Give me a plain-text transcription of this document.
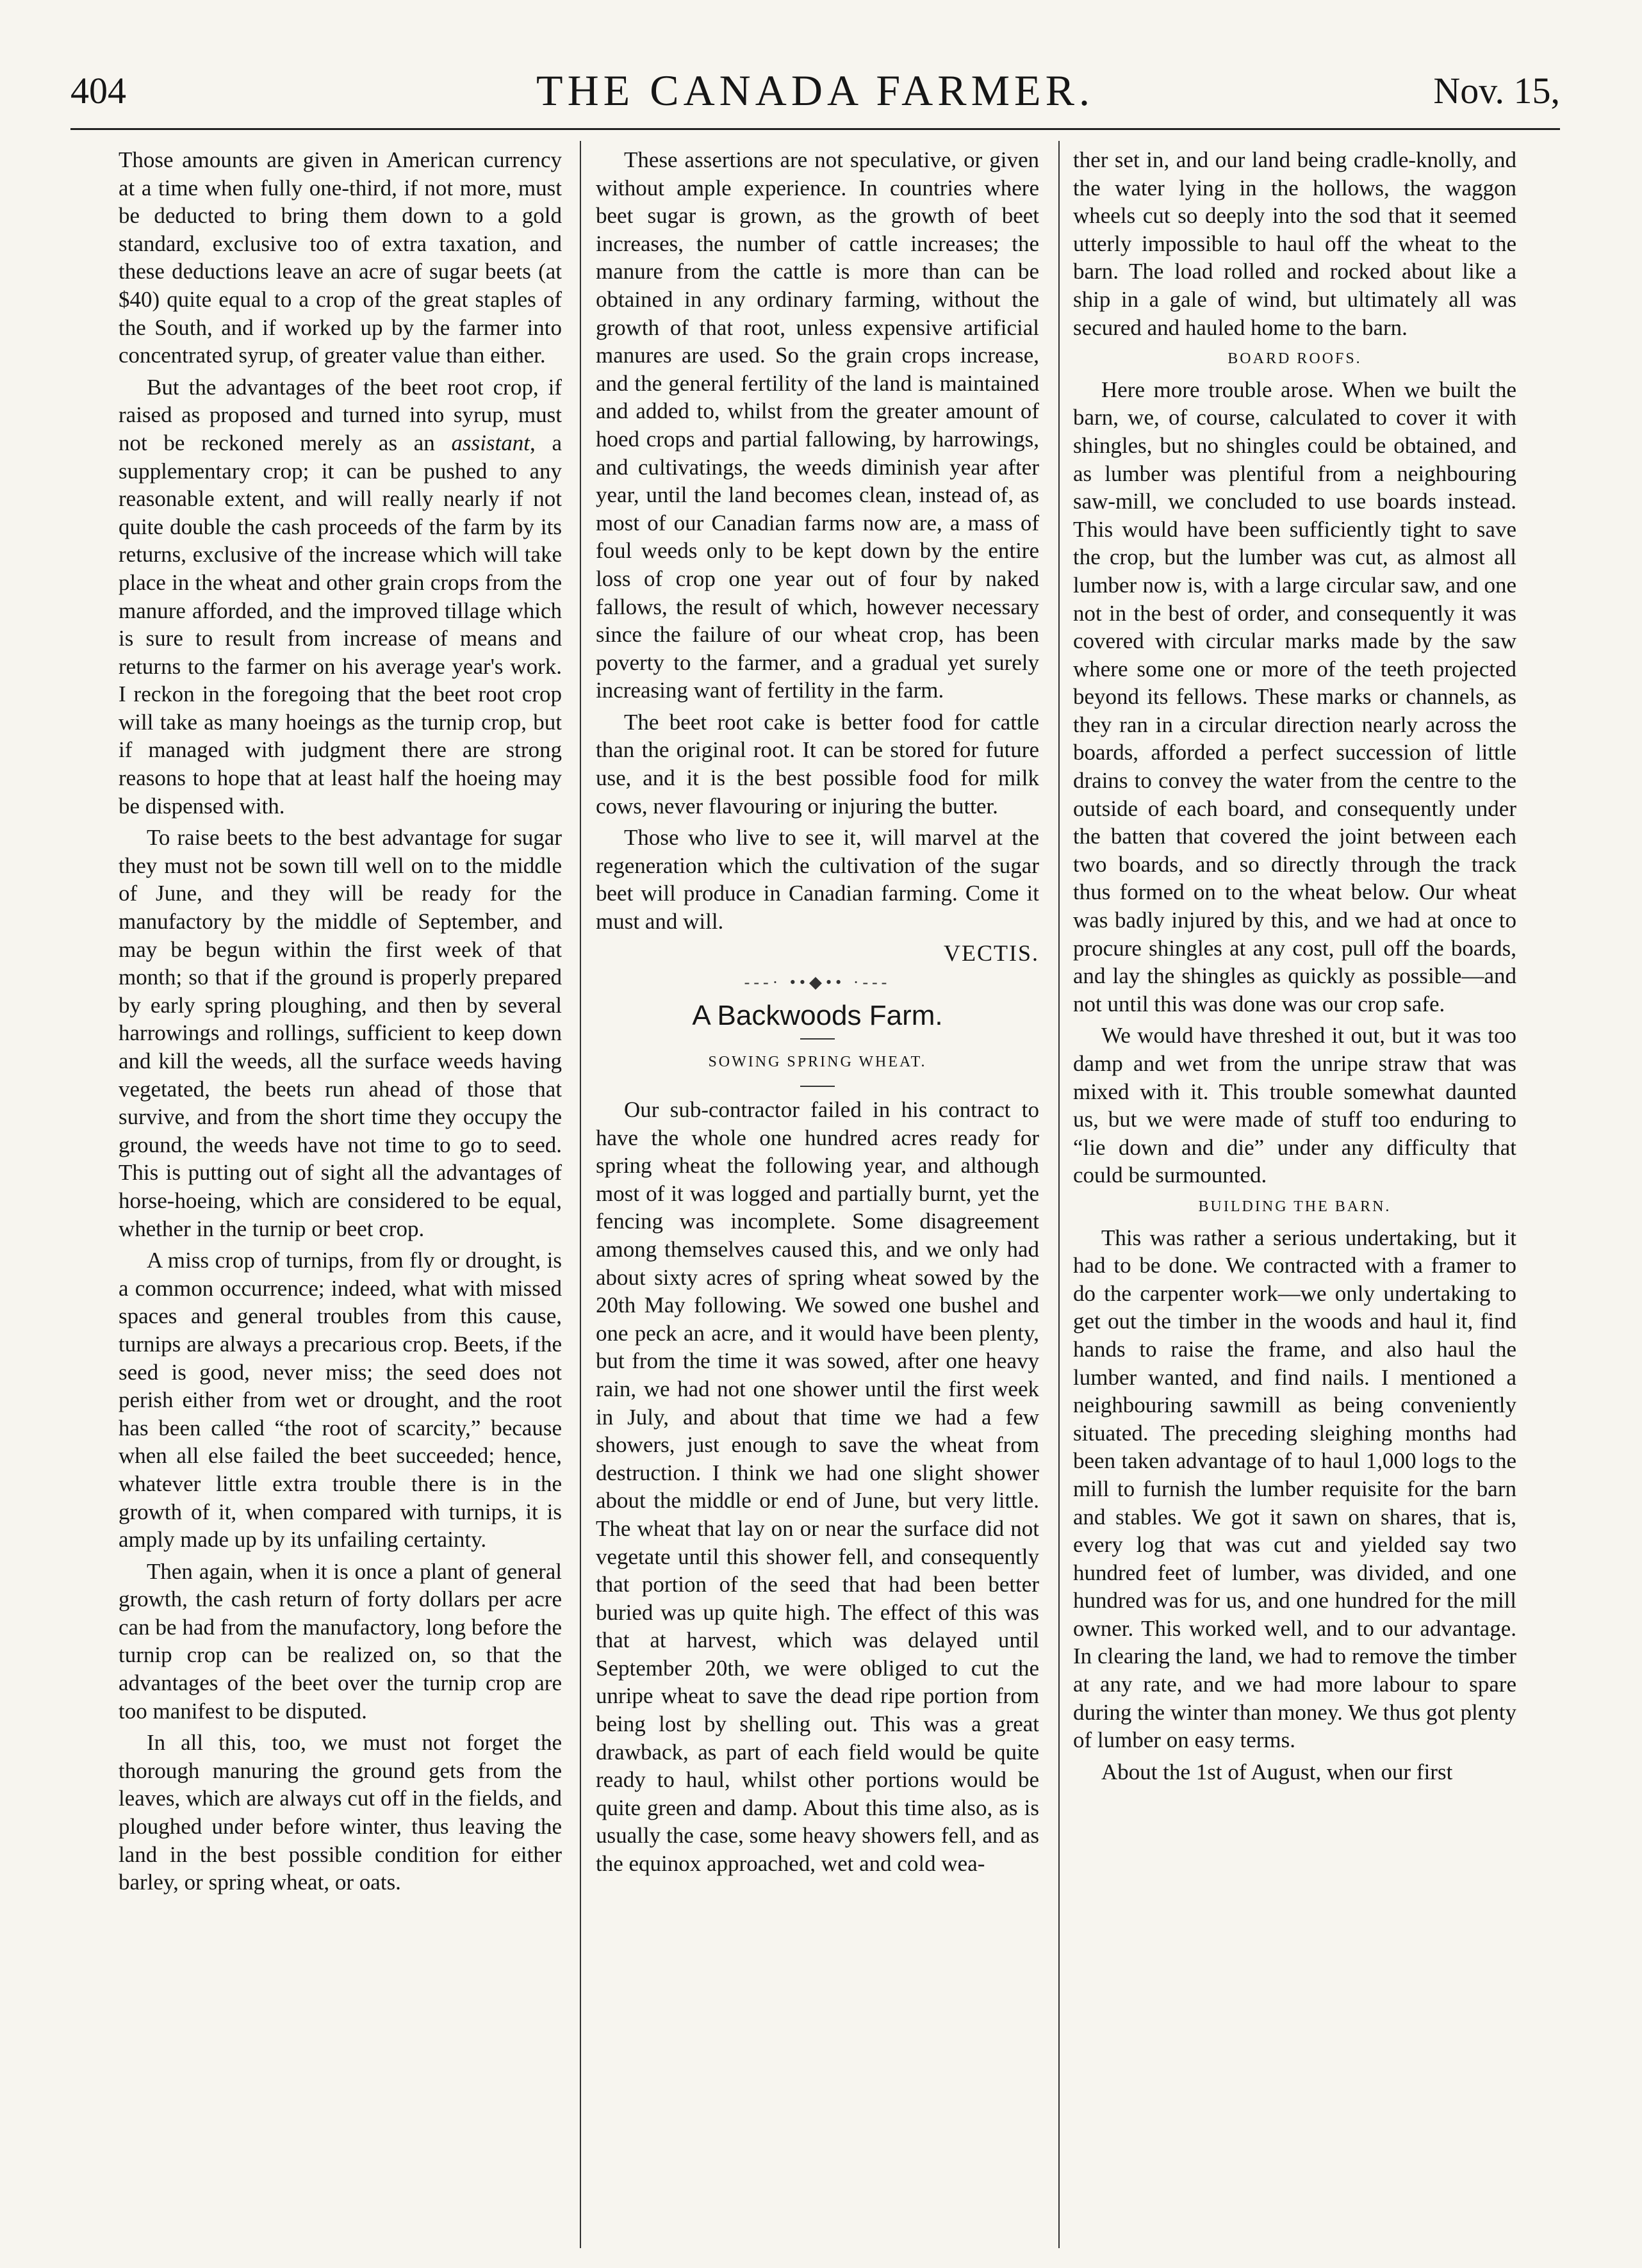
404	THE CANADA FARMER.	Nov. 15,

Those amounts are given in American currency at a time when fully one-third, if not more, must be deducted to bring them down to a gold standard, exclusive too of extra taxation, and these deductions leave an acre of sugar beets (at $40) quite equal to a crop of the great staples of the South, and if worked up by the farmer into concentrated syrup, of greater value than either.

But the advantages of the beet root crop, if raised as proposed and turned into syrup, must not be reckoned merely as an assistant, a supplementary crop; it can be pushed to any reasonable extent, and will really nearly if not quite double the cash proceeds of the farm by its returns, exclusive of the increase which will take place in the wheat and other grain crops from the manure afforded, and the improved tillage which is sure to result from increase of means and returns to the farmer on his average year's work. I reckon in the foregoing that the beet root crop will take as many hoeings as the turnip crop, but if managed with judgment there are strong reasons to hope that at least half the hoeing may be dispensed with.

To raise beets to the best advantage for sugar they must not be sown till well on to the middle of June, and they will be ready for the manufactory by the middle of September, and may be begun within the first week of that month; so that if the ground is properly prepared by early spring ploughing, and then by several harrowings and rollings, sufficient to keep down and kill the weeds, all the surface weeds having vegetated, the beets run ahead of those that survive, and from the short time they occupy the ground, the weeds have not time to go to seed. This is putting out of sight all the advantages of horse-hoeing, which are considered to be equal, whether in the turnip or beet crop.

A miss crop of turnips, from fly or drought, is a common occurrence; indeed, what with missed spaces and general troubles from this cause, turnips are always a precarious crop. Beets, if the seed is good, never miss; the seed does not perish either from wet or drought, and the root has been called “the root of scarcity,” because when all else failed the beet succeeded; hence, whatever little extra trouble there is in the growth of it, when compared with turnips, it is amply made up by its unfailing certainty.

Then again, when it is once a plant of general growth, the cash return of forty dollars per acre can be had from the manufactory, long before the turnip crop can be realized on, so that the advantages of the beet over the turnip crop are too manifest to be disputed.

In all this, too, we must not forget the thorough manuring the ground gets from the leaves, which are always cut off in the fields, and ploughed under before winter, thus leaving the land in the best possible condition for either barley, or spring wheat, or oats.

These assertions are not speculative, or given without ample experience. In countries where beet sugar is grown, as the growth of beet increases, the number of cattle increases; the manure from the cattle is more than can be obtained in any ordinary farming, without the growth of that root, unless expensive artificial manures are used. So the grain crops increase, and the general fertility of the land is maintained and added to, whilst from the greater amount of hoed crops and partial fallowing, by harrowings, and cultivatings, the weeds diminish year after year, until the land becomes clean, instead of, as most of our Canadian farms now are, a mass of foul weeds only to be kept down by the entire loss of crop one year out of four by naked fallows, the result of which, however necessary since the failure of our wheat crop, has been poverty to the farmer, and a gradual yet surely increasing want of fertility in the farm.

The beet root cake is better food for cattle than the original root. It can be stored for future use, and it is the best possible food for milk cows, never flavouring or injuring the butter.

Those who live to see it, will marvel at the regeneration which the cultivation of the sugar beet will produce in Canadian farming. Come it must and will.

VECTIS.
---· ••◆•• ·---
A Backwoods Farm.
SOWING SPRING WHEAT.

Our sub-contractor failed in his contract to have the whole one hundred acres ready for spring wheat the following year, and although most of it was logged and partially burnt, yet the fencing was incomplete. Some disagreement among themselves caused this, and we only had about sixty acres of spring wheat sowed by the 20th May following. We sowed one bushel and one peck an acre, and it would have been plenty, but from the time it was sowed, after one heavy rain, we had not one shower until the first week in July, and about that time we had a few showers, just enough to save the wheat from destruction. I think we had one slight shower about the middle or end of June, but very little. The wheat that lay on or near the surface did not vegetate until this shower fell, and consequently that portion of the seed that had been better buried was up quite high. The effect of this was that at harvest, which was delayed until September 20th, we were obliged to cut the unripe wheat to save the dead ripe portion from being lost by shelling out. This was a great drawback, as part of each field would be quite ready to haul, whilst other portions would be quite green and damp. About this time also, as is usually the case, some heavy showers fell, and as the equinox approached, wet and cold wea-

ther set in, and our land being cradle-knolly, and the water lying in the hollows, the waggon wheels cut so deeply into the sod that it seemed utterly impossible to haul off the wheat to the barn. The load rolled and rocked about like a ship in a gale of wind, but ultimately all was secured and hauled home to the barn.

BOARD ROOFS.

Here more trouble arose. When we built the barn, we, of course, calculated to cover it with shingles, but no shingles could be obtained, and as lumber was plentiful from a neighbouring saw-mill, we concluded to use boards instead. This would have been sufficiently tight to save the crop, but the lumber was cut, as almost all lumber now is, with a large circular saw, and one not in the best of order, and consequently it was covered with circular marks made by the saw where some one or more of the teeth projected beyond its fellows. These marks or channels, as they ran in a circular direction nearly across the boards, afforded a perfect succession of little drains to convey the water from the centre to the outside of each board, and consequently under the batten that covered the joint between each two boards, and so directly through the track thus formed on to the wheat below. Our wheat was badly injured by this, and we had at once to procure shingles at any cost, pull off the boards, and lay the shingles as quickly as possible—and not until this was done was our crop safe.

We would have threshed it out, but it was too damp and wet from the unripe straw that was mixed with it. This trouble somewhat daunted us, but we were made of stuff too enduring to “lie down and die” under any difficulty that could be surmounted.

BUILDING THE BARN.

This was rather a serious undertaking, but it had to be done. We contracted with a framer to do the carpenter work—we only undertaking to get out the timber in the woods and haul it, find hands to raise the frame, and also haul the lumber wanted, and find nails. I mentioned a neighbouring sawmill as being conveniently situated. The preceding sleighing months had been taken advantage of to haul 1,000 logs to the mill to furnish the lumber requisite for the barn and stables. We got it sawn on shares, that is, every log that was cut and yielded say two hundred feet of lumber, was divided, and one hundred was for us, and one hundred for the mill owner. This worked well, and to our advantage. In clearing the land, we had to remove the timber at any rate, and we had more labour to spare during the winter than money. We thus got plenty of lumber on easy terms.

About the 1st of August, when our first
